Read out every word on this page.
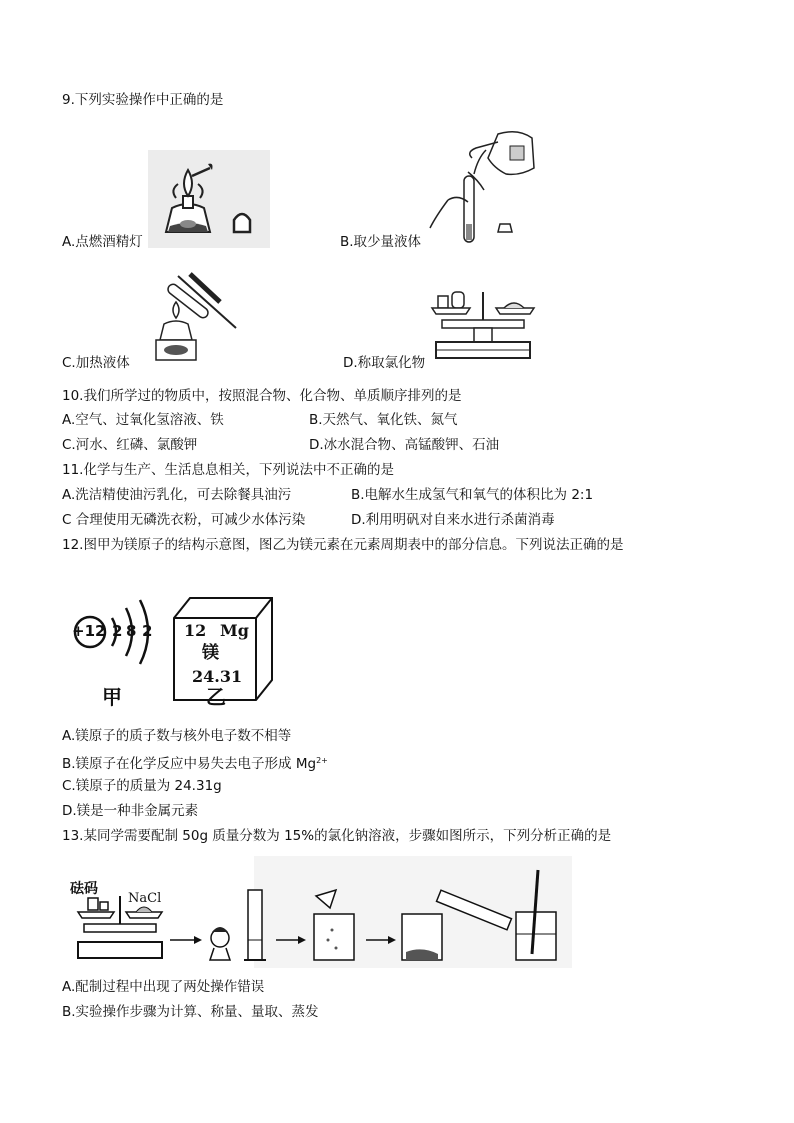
9.下列实验操作中正确的是
A.点燃酒精灯	B.取少量液体
C.加热液体	D.称取氯化物
10.我们所学过的物质中，按照混合物、化合物、单质顺序排列的是
A.空气、过氧化氢溶液、铁	B.天然气、氧化铁、氮气
C.河水、红磷、氯酸钾	D.冰水混合物、高锰酸钾、石油
11.化学与生产、生活息息相关，下列说法中不正确的是
A.洗洁精使油污乳化，可去除餐具油污	B.电解水生成氢气和氧气的体积比为 2:1
C 合理使用无磷洗衣粉，可减少水体污染	D.利用明矾对自来水进行杀菌消毒
12.图甲为镁原子的结构示意图，图乙为镁元素在元素周期表中的部分信息。下列说法正确的是
+12 2 8 2
甲	乙
12 Mg
镁
24.31
A.镁原子的质子数与核外电子数不相等
B.镁原子在化学反应中易失去电子形成 $Mg^{2+}$
C.镁原子的质量为 24.31g
D.镁是一种非金属元素
13.某同学需要配制 50g 质量分数为 15%的氯化钠溶液，步骤如图所示，下列分析正确的是
砝码
NaCl
A.配制过程中出现了两处操作错误
B.实验操作步骤为计算、称量、量取、蒸发
